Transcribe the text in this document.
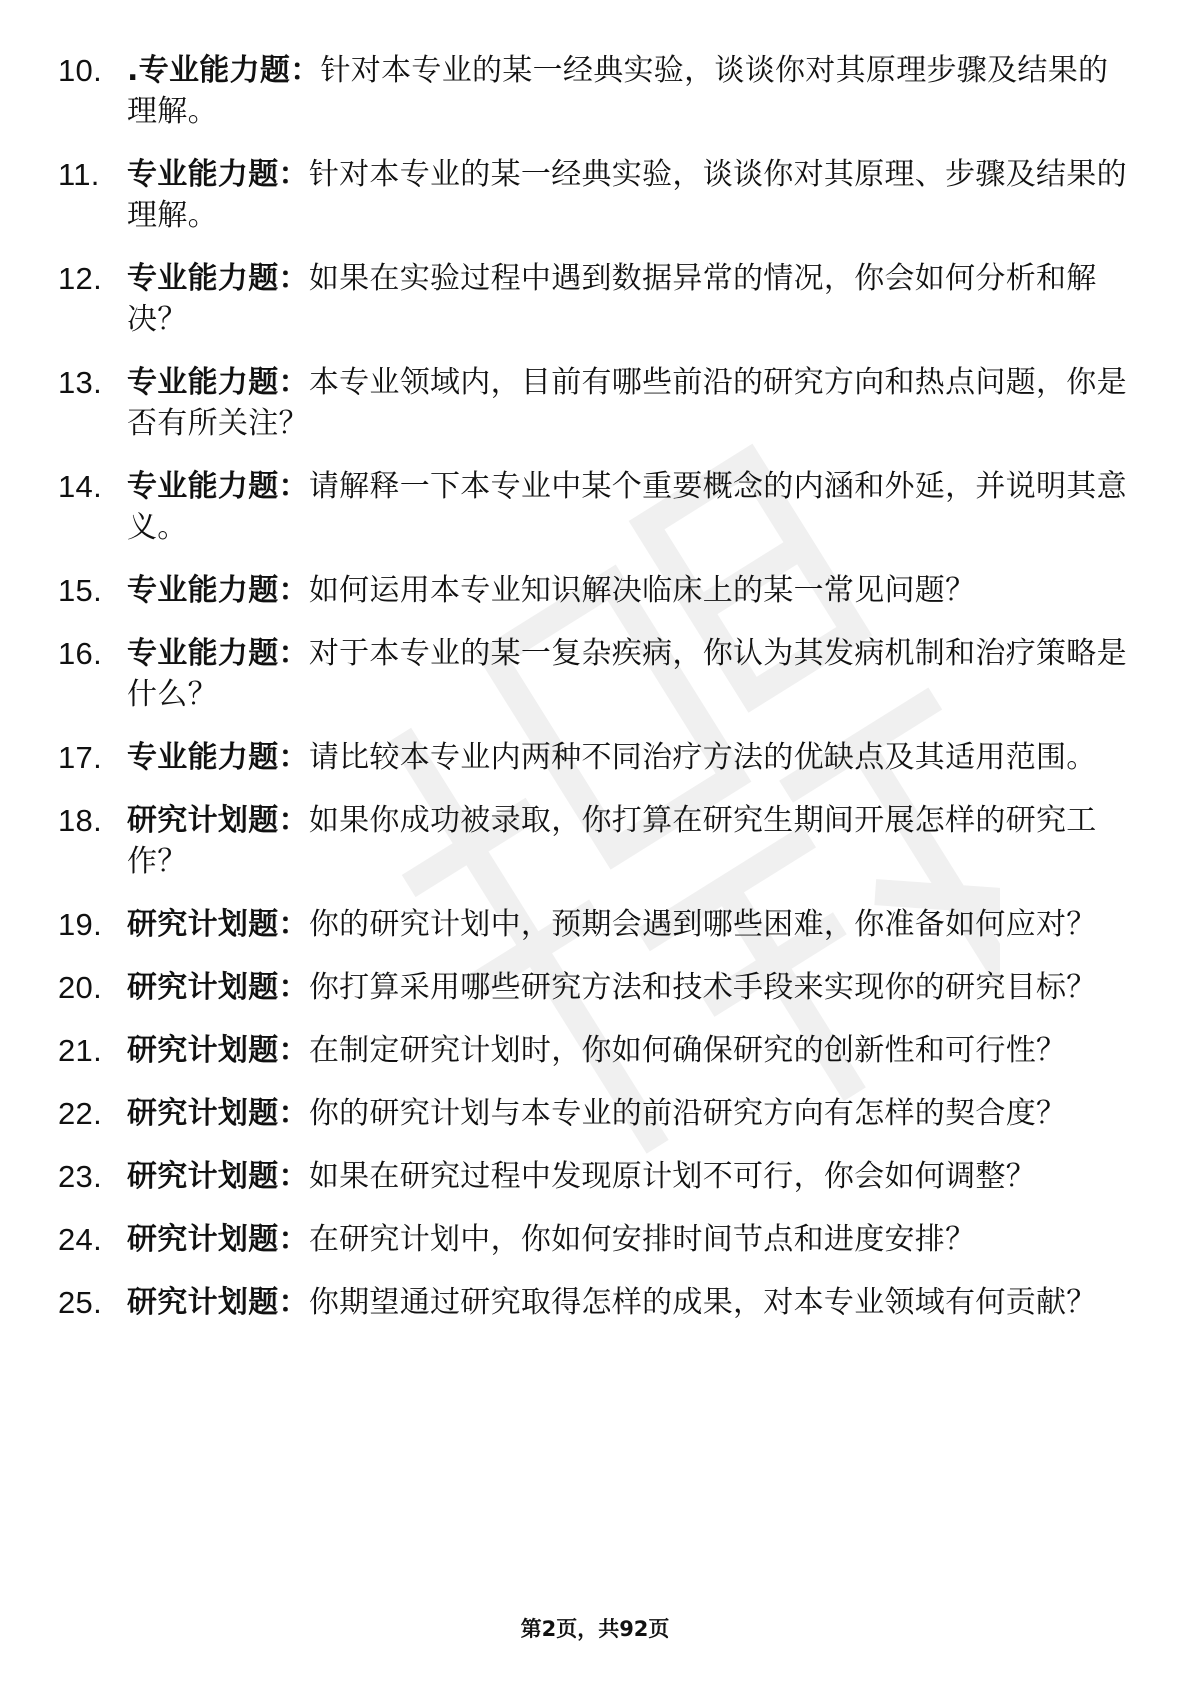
10. .专业能力题：针对本专业的某一经典实验，谈谈你对其原理步骤及结果的理解。
11. 专业能力题：针对本专业的某一经典实验，谈谈你对其原理、步骤及结果的理解。
12. 专业能力题：如果在实验过程中遇到数据异常的情况，你会如何分析和解决？
13. 专业能力题：本专业领域内，目前有哪些前沿的研究方向和热点问题，你是否有所关注？
14. 专业能力题：请解释一下本专业中某个重要概念的内涵和外延，并说明其意义。
15. 专业能力题：如何运用本专业知识解决临床上的某一常见问题？
16. 专业能力题：对于本专业的某一复杂疾病，你认为其发病机制和治疗策略是什么？
17. 专业能力题：请比较本专业内两种不同治疗方法的优缺点及其适用范围。
18. 研究计划题：如果你成功被录取，你打算在研究生期间开展怎样的研究工作？
19. 研究计划题：你的研究计划中，预期会遇到哪些困难，你准备如何应对？
20. 研究计划题：你打算采用哪些研究方法和技术手段来实现你的研究目标？
21. 研究计划题：在制定研究计划时，你如何确保研究的创新性和可行性？
22. 研究计划题：你的研究计划与本专业的前沿研究方向有怎样的契合度？
23. 研究计划题：如果在研究过程中发现原计划不可行，你会如何调整？
24. 研究计划题：在研究计划中，你如何安排时间节点和进度安排？
25. 研究计划题：你期望通过研究取得怎样的成果，对本专业领域有何贡献？
第2页，共92页
